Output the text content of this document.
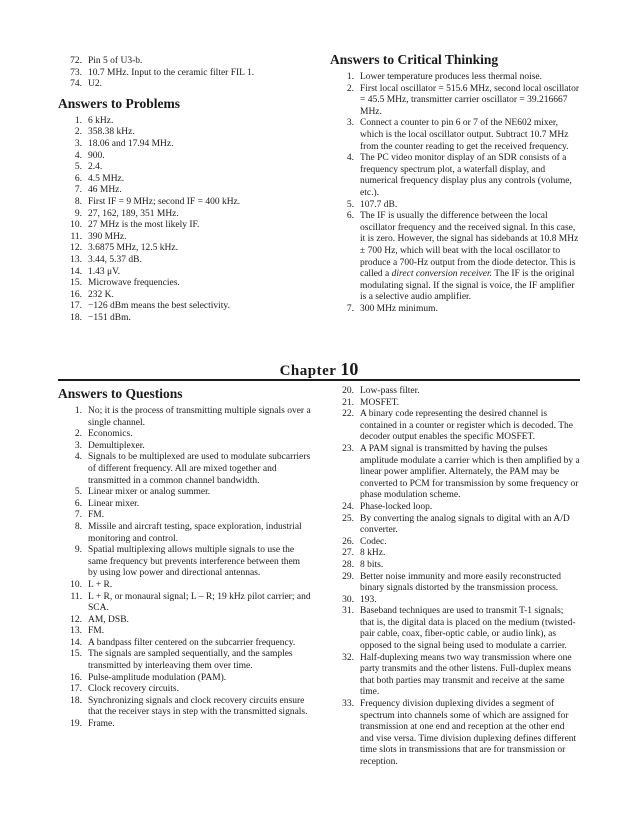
72. Pin 5 of U3-b.
73. 10.7 MHz. Input to the ceramic filter FIL 1.
74. U2.
Answers to Problems
1. 6 kHz.
2. 358.38 kHz.
3. 18.06 and 17.94 MHz.
4. 900.
5. 2.4.
6. 4.5 MHz.
7. 46 MHz.
8. First IF = 9 MHz; second IF = 400 kHz.
9. 27, 162, 189, 351 MHz.
10. 27 MHz is the most likely IF.
11. 390 MHz.
12. 3.6875 MHz, 12.5 kHz.
13. 3.44, 5.37 dB.
14. 1.43 μV.
15. Microwave frequencies.
16. 232 K.
17. −126 dBm means the best selectivity.
18. −151 dBm.
Answers to Critical Thinking
1. Lower temperature produces less thermal noise.
2. First local oscillator = 515.6 MHz, second local oscillator = 45.5 MHz, transmitter carrier oscillator = 39.216667 MHz.
3. Connect a counter to pin 6 or 7 of the NE602 mixer, which is the local oscillator output. Subtract 10.7 MHz from the counter reading to get the received frequency.
4. The PC video monitor display of an SDR consists of a frequency spectrum plot, a waterfall display, and numerical frequency display plus any controls (volume, etc.).
5. 107.7 dB.
6. The IF is usually the difference between the local oscillator frequency and the received signal. In this case, it is zero. However, the signal has sidebands at 10.8 MHz ± 700 Hz, which will beat with the local oscillator to produce a 700-Hz output from the diode detector. This is called a direct conversion receiver. The IF is the original modulating signal. If the signal is voice, the IF amplifier is a selective audio amplifier.
7. 300 MHz minimum.
Chapter 10
Answers to Questions
1. No; it is the process of transmitting multiple signals over a single channel.
2. Economics.
3. Demultiplexer.
4. Signals to be multiplexed are used to modulate subcarriers of different frequency. All are mixed together and transmitted in a common channel bandwidth.
5. Linear mixer or analog summer.
6. Linear mixer.
7. FM.
8. Missile and aircraft testing, space exploration, industrial monitoring and control.
9. Spatial multiplexing allows multiple signals to use the same frequency but prevents interference between them by using low power and directional antennas.
10. L + R.
11. L + R, or monaural signal; L – R; 19 kHz pilot carrier; and SCA.
12. AM, DSB.
13. FM.
14. A bandpass filter centered on the subcarrier frequency.
15. The signals are sampled sequentially, and the samples transmitted by interleaving them over time.
16. Pulse-amplitude modulation (PAM).
17. Clock recovery circuits.
18. Synchronizing signals and clock recovery circuits ensure that the receiver stays in step with the transmitted signals.
19. Frame.
20. Low-pass filter.
21. MOSFET.
22. A binary code representing the desired channel is contained in a counter or register which is decoded. The decoder output enables the specific MOSFET.
23. A PAM signal is transmitted by having the pulses amplitude modulate a carrier which is then amplified by a linear power amplifier. Alternately, the PAM may be converted to PCM for transmission by some frequency or phase modulation scheme.
24. Phase-locked loop.
25. By converting the analog signals to digital with an A/D converter.
26. Codec.
27. 8 kHz.
28. 8 bits.
29. Better noise immunity and more easily reconstructed binary signals distorted by the transmission process.
30. 193.
31. Baseband techniques are used to transmit T-1 signals; that is, the digital data is placed on the medium (twisted-pair cable, coax, fiber-optic cable, or audio link), as opposed to the signal being used to modulate a carrier.
32. Half-duplexing means two way transmission where one party transmits and the other listens. Full-duplex means that both parties may transmit and receive at the same time.
33. Frequency division duplexing divides a segment of spectrum into channels some of which are assigned for transmission at one end and reception at the other end and vise versa. Time division duplexing defines different time slots in transmissions that are for transmission or reception.
